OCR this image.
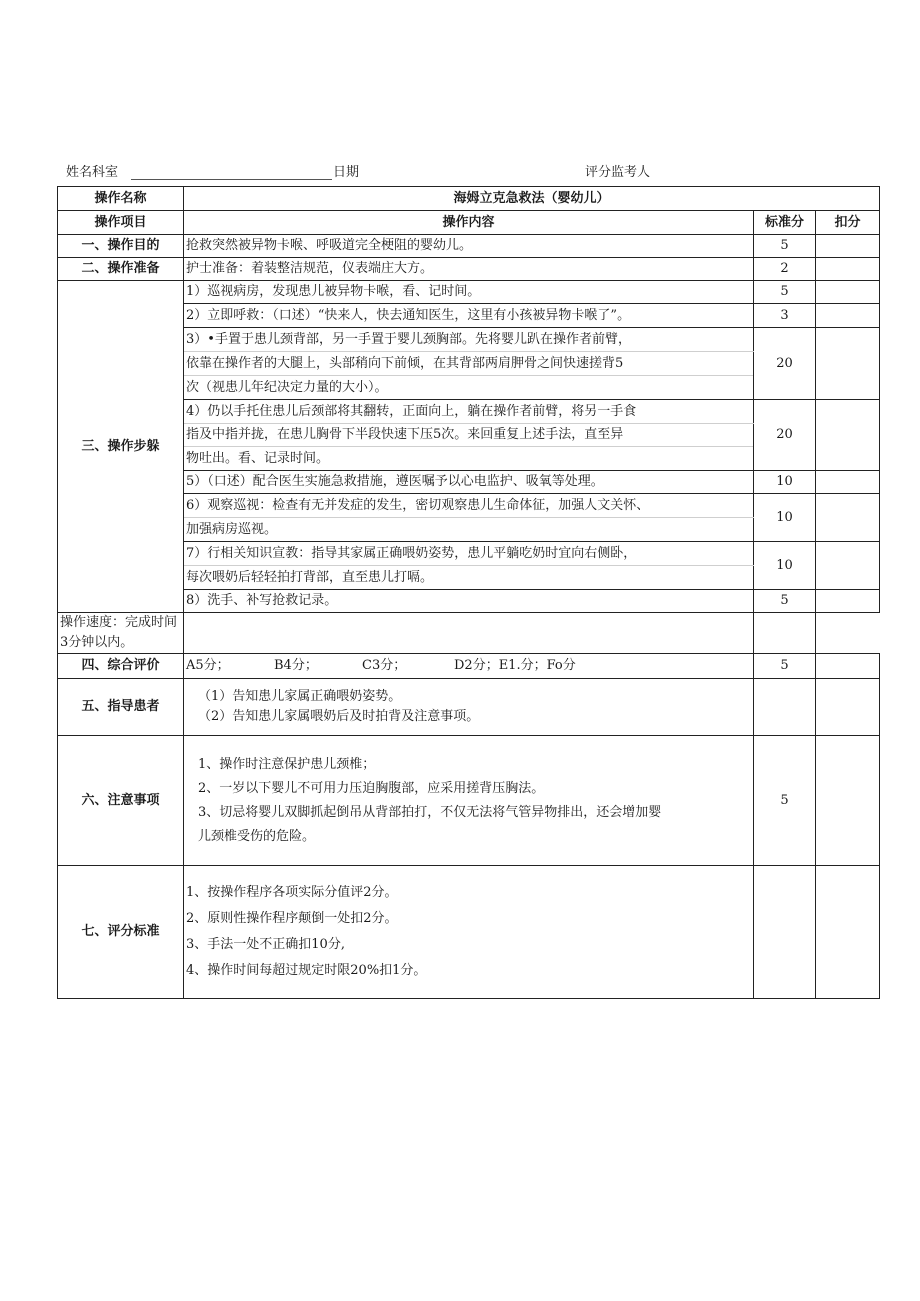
姓名科室	日期	评分监考人
操作名称	海姆立克急救法（婴幼儿）		
操作项目	操作内容	标准分	扣分
一、操作目的	抢救突然被异物卡喉、呼吸道完全梗阻的婴幼儿。	5	
二、操作准备	护士准备：着装整洁规范，仪表端庄大方。	2	
三、操作步躲	1）巡视病房，发现患儿被异物卡喉，看、记时间。	5	
	2）立即呼救：（口述）“快来人，快去通知医生，这里有小孩被异物卡喉了”。	3	
	3）•手置于患儿颈背部，另一手置于婴儿颈胸部。先将婴儿趴在操作者前臂，	20	
	依靠在操作者的大腿上，头部稍向下前倾，在其背部两肩胛骨之间快速搓背5		
	次（视患儿年纪决定力量的大小）。		
	4）仍以手托住患儿后颈部将其翻转，正面向上，躺在操作者前臂，将另一手食	20	
	指及中指并拢，在患儿胸骨下半段快速下压5次。来回重复上述手法，直至异		
	物吐出。看、记录时间。		
	5）（口述）配合医生实施急救措施，遵医嘱予以心电监护、吸氧等处理。	10	
	6）观察巡视：检查有无并发症的发生，密切观察患儿生命体征，加强人文关怀、	10	
	加强病房巡视。		
	7）行相关知识宣教：指导其家属正确喂奶姿势，患儿平躺吃奶时宜向右侧卧，	10	
	每次喂奶后轻轻拍打背部，直至患儿打嗝。		
	8）洗手、补写抢救记录。	5	
操作速度：完成时间3分钟以内。			
四、综合评价	A5分； B4分； C3分； D2分；E1.分；Fo分	5	
五、指导患者	（1）告知患儿家属正确喂奶姿势。
（2）告知患儿家属喂奶后及时拍背及注意事项。		

六、注意事项	1、操作时注意保护患儿颈椎；
2、一岁以下婴儿不可用力压迫胸腹部，应采用搓背压胸法。
3、切忌将婴儿双脚抓起倒吊从背部拍打，不仅无法将气管异物排出，还会增加婴
儿颈椎受伤的危险。	5	
七、评分标准	1、按操作程序各项实际分值评2分。
2、原则性操作程序颠倒一处扣2分。
3、手法一处不正确扣10分,
4、操作时间每超过规定时限20%扣1分。		
